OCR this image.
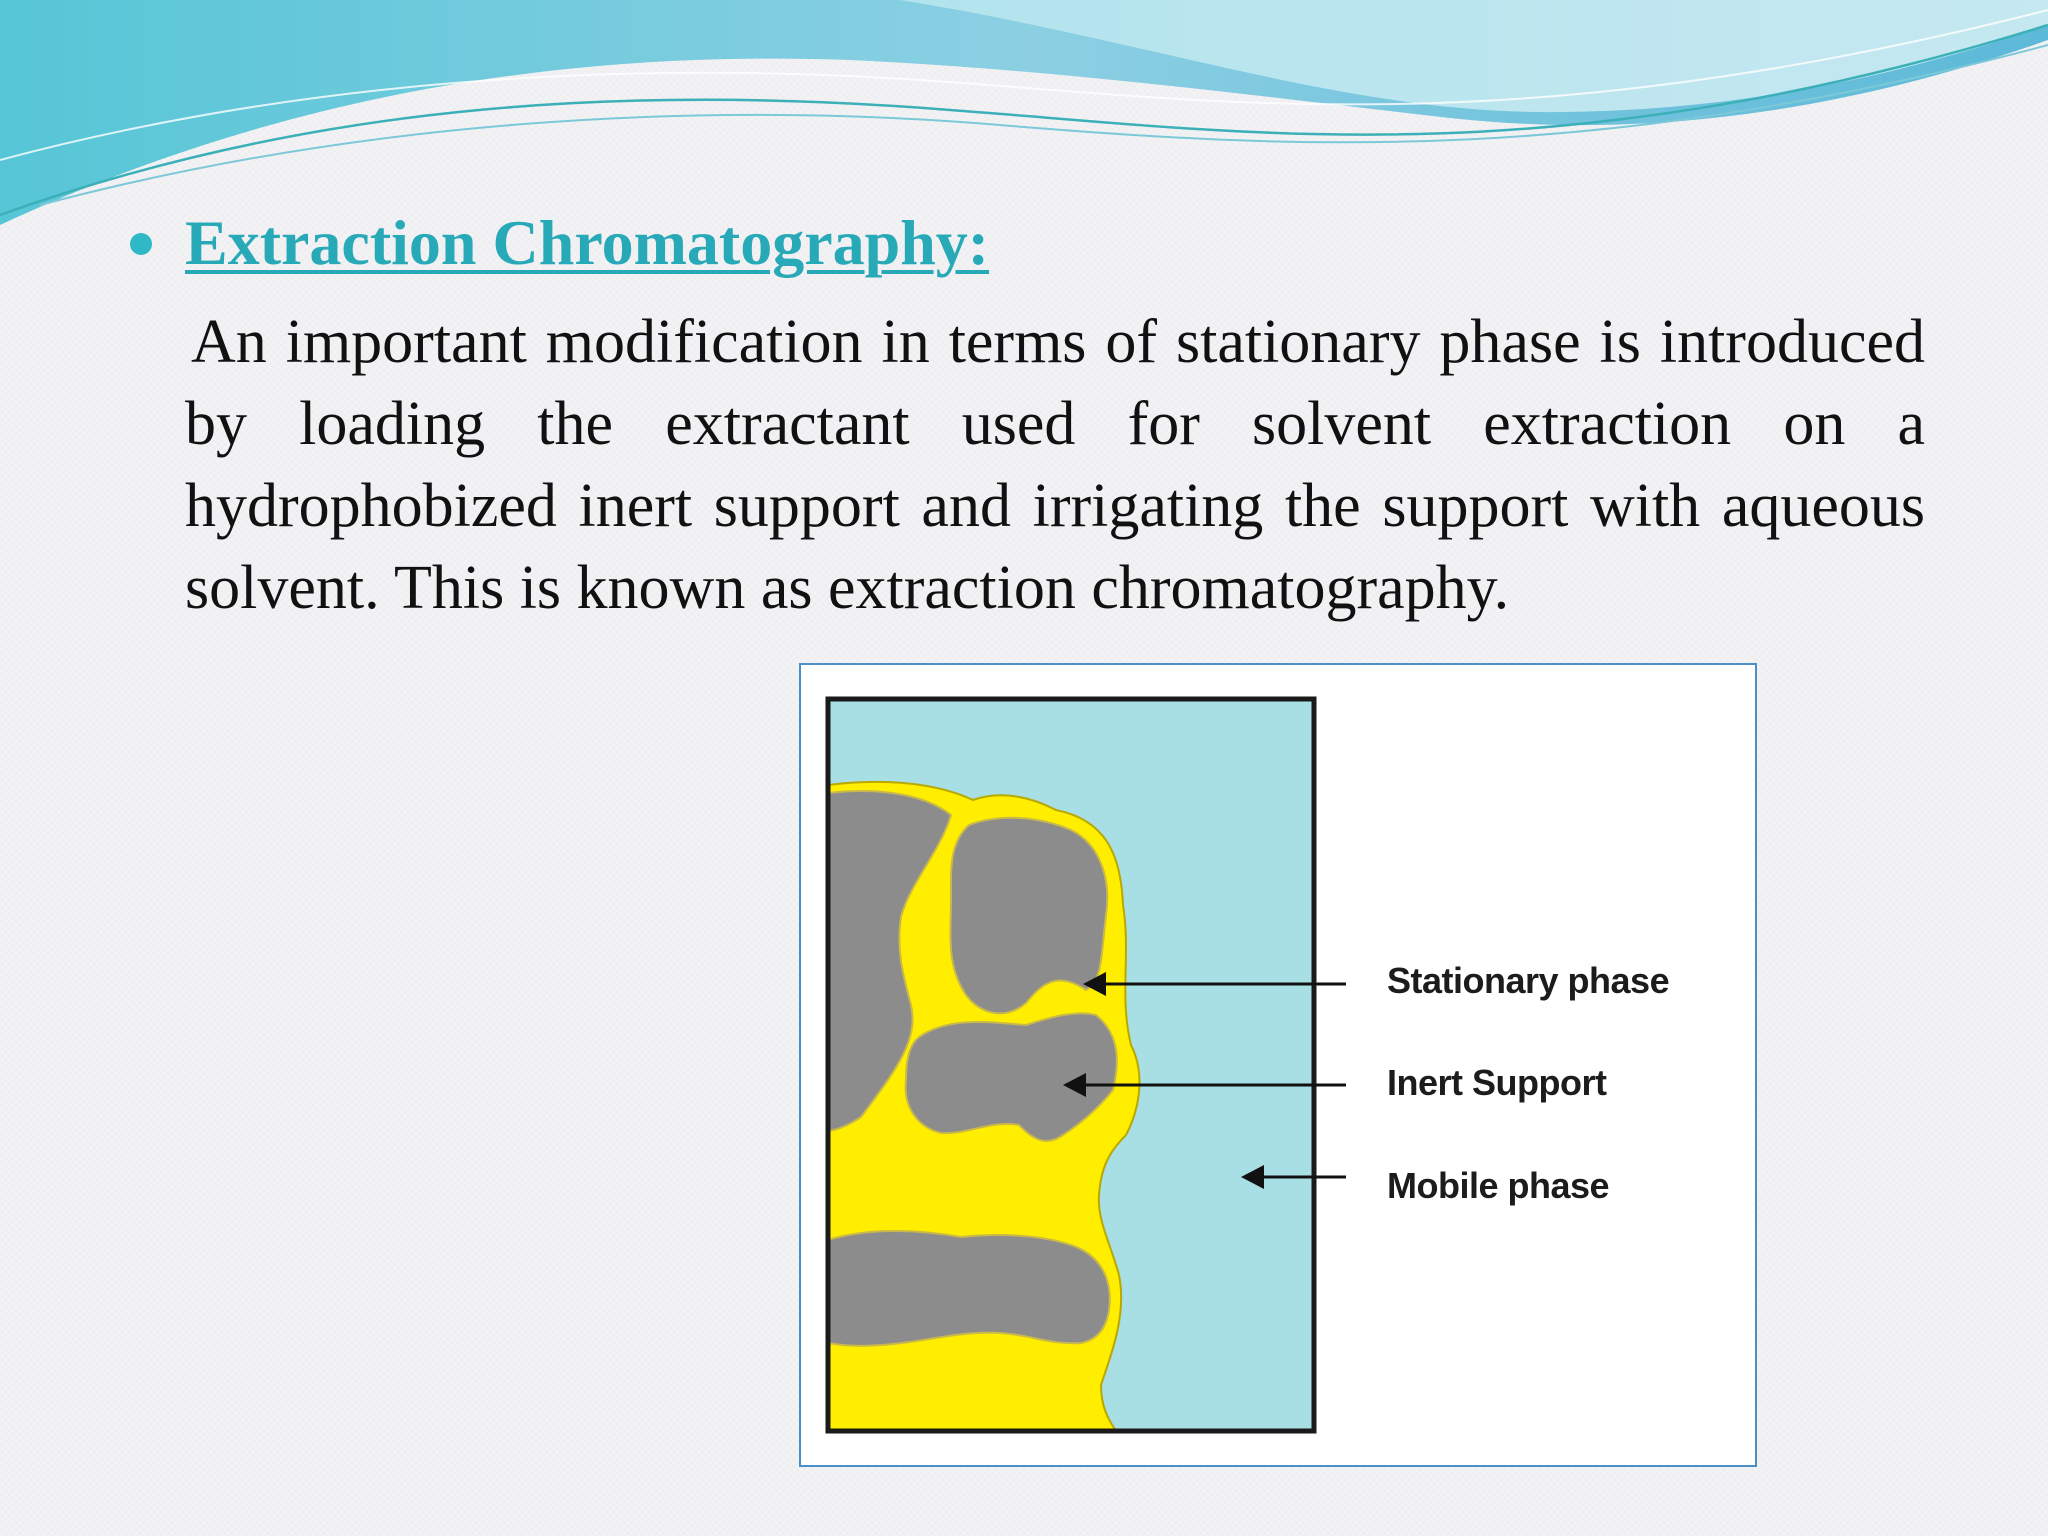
Extraction Chromatography:

An important modification in terms of stationary phase is introduced by loading the extractant used for solvent extraction on a hydrophobized inert support and irrigating the support with aqueous solvent. This is known as extraction chromatography.

Stationary phase
Inert Support
Mobile phase
